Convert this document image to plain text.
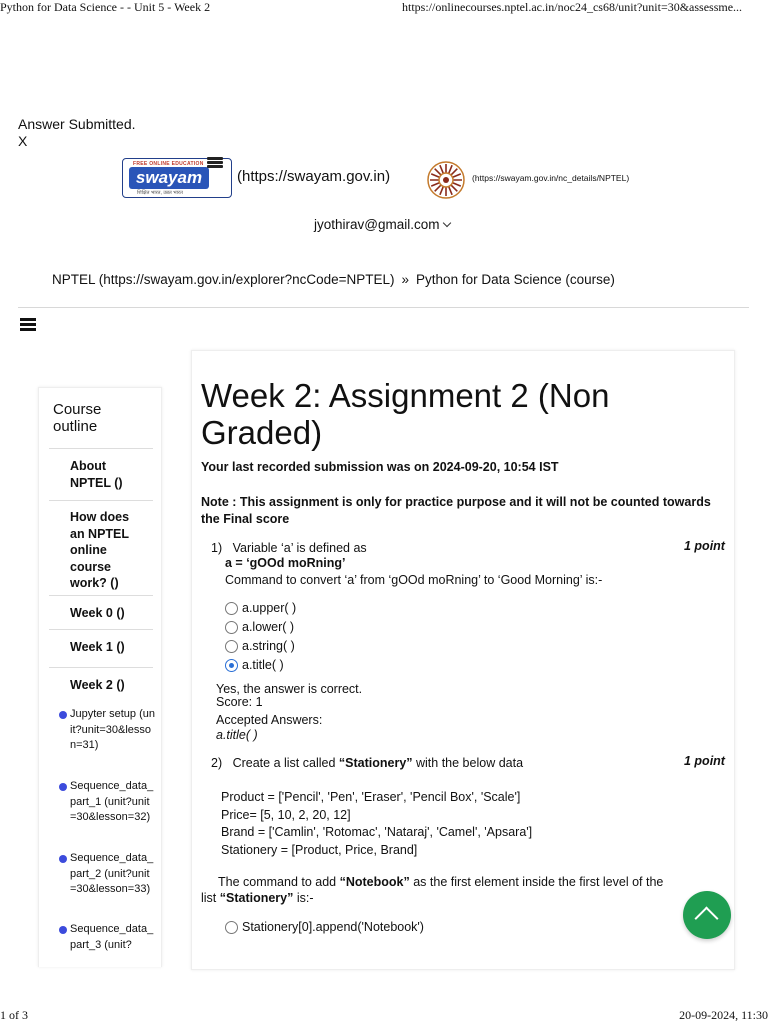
Python for Data Science - - Unit 5 - Week 2	https://onlinecourses.nptel.ac.in/noc24_cs68/unit?unit=30&assessme...
Answer Submitted.
X
FREE ONLINE EDUCATION
swayam
शिक्षित भारत, उन्नत भारत
(https://swayam.gov.in)	(https://swayam.gov.in/nc_details/NPTEL)
jyothirav@gmail.com
NPTEL (https://swayam.gov.in/explorer?ncCode=NPTEL) » Python for Data Science (course)
Course outline
About NPTEL ()
How does an NPTEL online course work? ()
Week 0 ()
Week 1 ()
Week 2 ()
Jupyter setup (unit?unit=30&lesson=31)
Sequence_data_part_1 (unit?unit=30&lesson=32)
Sequence_data_part_2 (unit?unit=30&lesson=33)
Sequence_data_part_3 (unit?
Week 2: Assignment 2 (Non Graded)
Your last recorded submission was on 2024-09-20, 10:54 IST
Note : This assignment is only for practice purpose and it will not be counted towards the Final score
1) Variable ‘a’ is defined as	1 point
a = ‘gOOd moRning’
Command to convert ‘a’ from ‘gOOd moRning’ to ‘Good Morning’ is:-
a.upper( )
a.lower( )
a.string( )
a.title( )
Yes, the answer is correct.
Score: 1
Accepted Answers:
a.title( )
2) Create a list called “Stationery” with the below data	1 point
Product = ['Pencil', 'Pen', 'Eraser', 'Pencil Box', 'Scale']
Price= [5, 10, 2, 20, 12]
Brand = ['Camlin', 'Rotomac', 'Nataraj', 'Camel', 'Apsara']
Stationery = [Product, Price, Brand]
The command to add “Notebook” as the first element inside the first level of the
list “Stationery” is:-
Stationery[0].append('Notebook')
1 of 3	20-09-2024, 11:30
